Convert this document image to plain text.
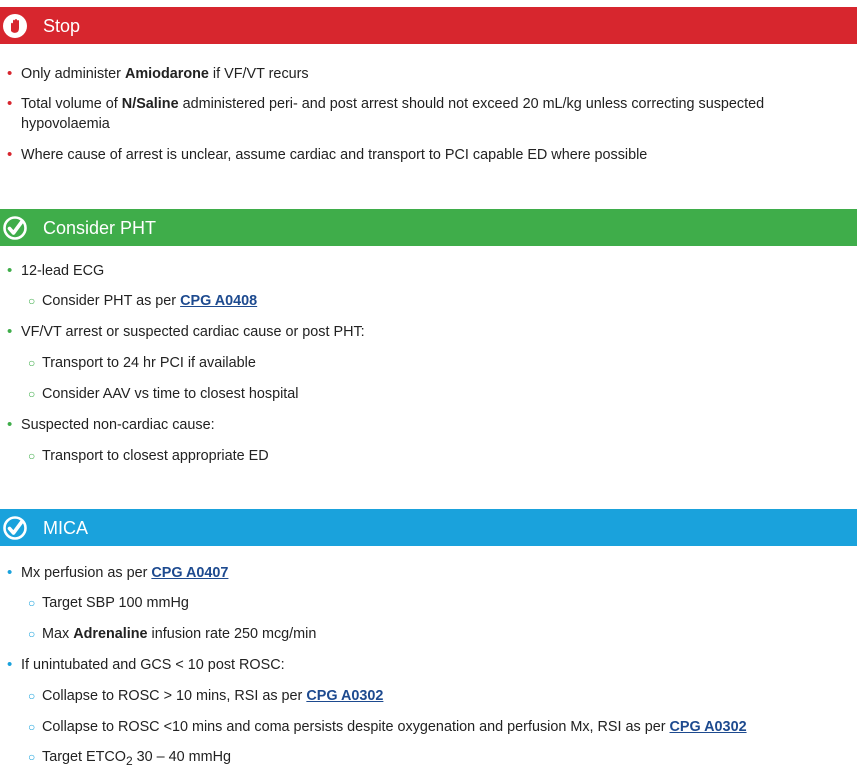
Stop
• Only administer Amiodarone if VF/VT recurs
• Total volume of N/Saline administered peri- and post arrest should not exceed 20 mL/kg unless correcting suspected
hypovolaemia
• Where cause of arrest is unclear, assume cardiac and transport to PCI capable ED where possible
Consider PHT
• 12-lead ECG
○ Consider PHT as per CPG A0408
• VF/VT arrest or suspected cardiac cause or post PHT:
○ Transport to 24 hr PCI if available
○ Consider AAV vs time to closest hospital
• Suspected non-cardiac cause:
○ Transport to closest appropriate ED
MICA
• Mx perfusion as per CPG A0407
○ Target SBP 100 mmHg
○ Max Adrenaline infusion rate 250 mcg/min
• If unintubated and GCS < 10 post ROSC:
○ Collapse to ROSC > 10 mins, RSI as per CPG A0302
○ Collapse to ROSC <10 mins and coma persists despite oxygenation and perfusion Mx, RSI as per CPG A0302
○ Target $ETCO_2$ 30 – 40 mmHg
